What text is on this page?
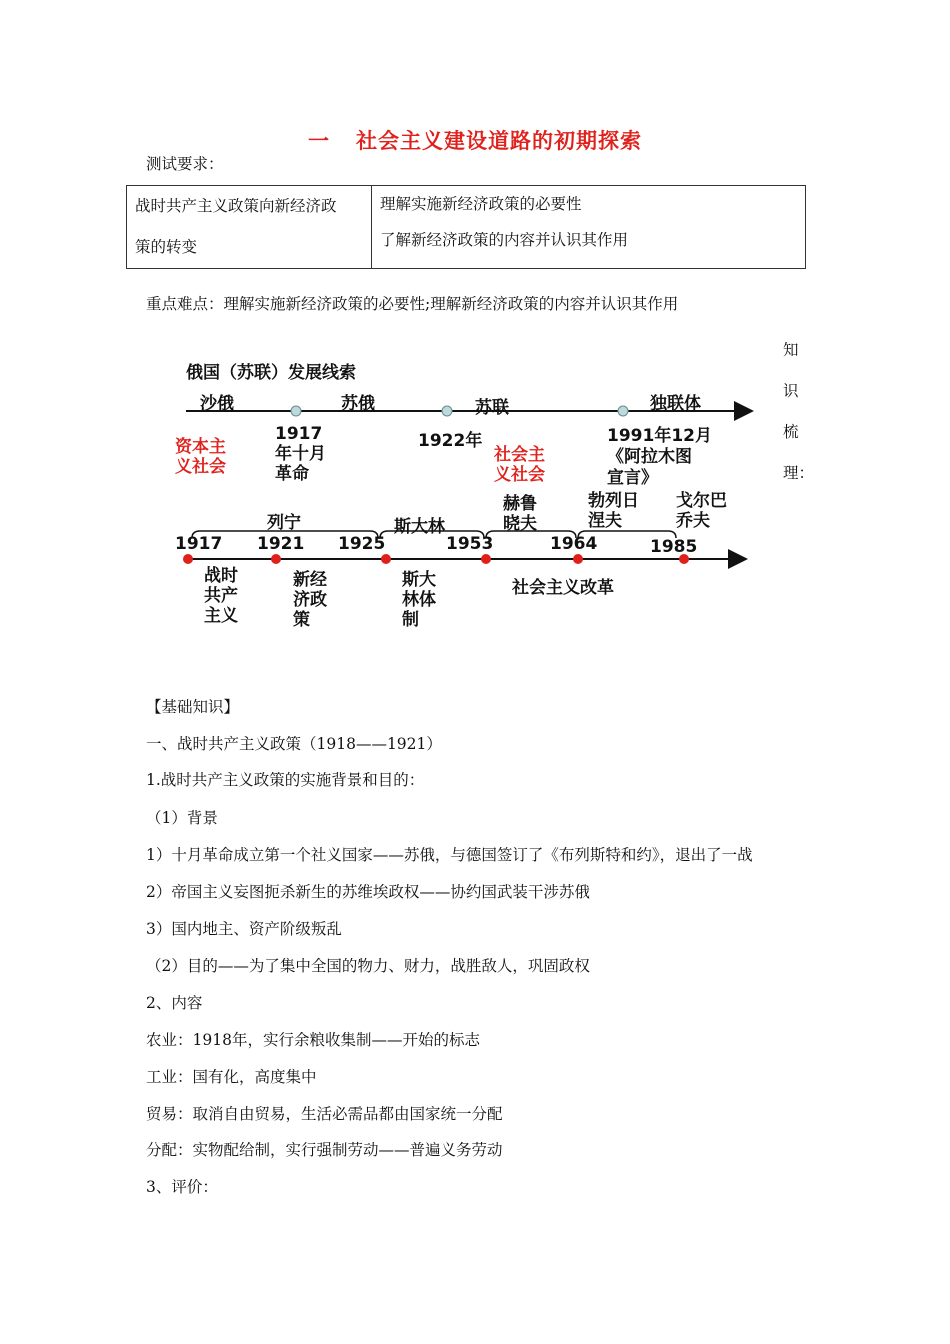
一 社会主义建设道路的初期探索
测试要求：
战时共产主义政策向新经济政
策的转变

理解实施新经济政策的必要性
了解新经济政策的内容并认识其作用
重点难点：理解实施新经济政策的必要性;理解新经济政策的内容并认识其作用
知
识
梳
理：
俄国（苏联）发展线索
沙俄	苏俄	苏联	独联体
资本主
义社会
1917
年十月
革命
1922年
社会主
义社会
1991年12月
《阿拉木图
宣言》
列宁	斯大林
赫鲁
晓夫
勃列日
涅夫
戈尔巴
乔夫
1917 1921 1925	1953	1964	1985
战时
共产
主义
新经
济政
策
斯大
林体
制
社会主义改革
【基础知识】
一、战时共产主义政策（1918——1921）
1.战时共产主义政策的实施背景和目的：
（1）背景
1）十月革命成立第一个社义国家——苏俄，与德国签订了《布列斯特和约》，退出了一战
2）帝国主义妄图扼杀新生的苏维埃政权——协约国武装干涉苏俄
3）国内地主、资产阶级叛乱
（2）目的——为了集中全国的物力、财力，战胜敌人，巩固政权
2、内容
农业：1918年，实行余粮收集制——开始的标志
工业：国有化，高度集中
贸易：取消自由贸易，生活必需品都由国家统一分配
分配：实物配给制，实行强制劳动——普遍义务劳动
3、评价：
